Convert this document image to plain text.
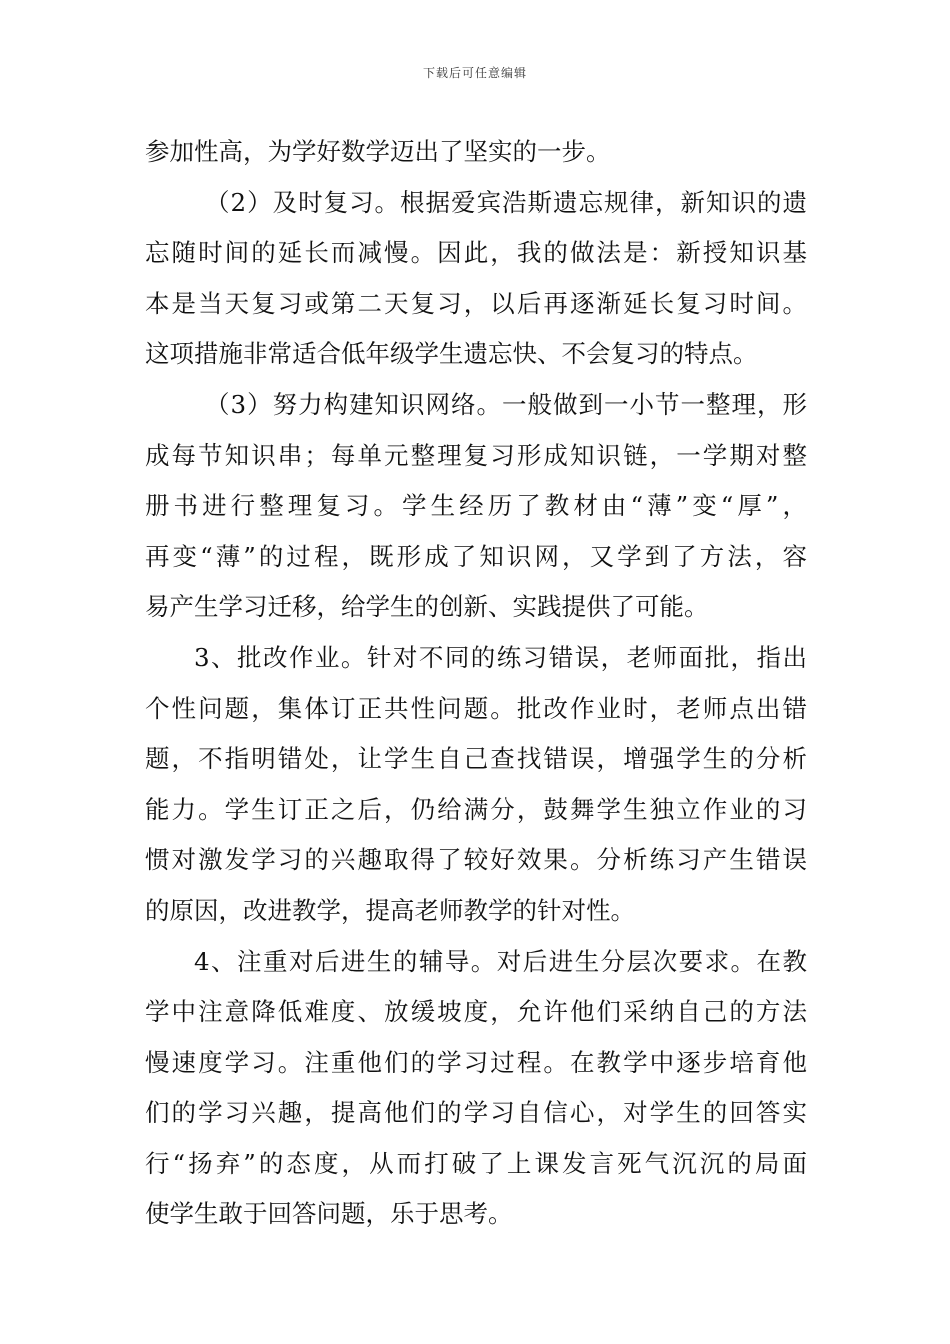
下载后可任意编辑
参加性高，为学好数学迈出了坚实的一步。
（2）及时复习。根据爱宾浩斯遗忘规律，新知识的遗
忘随时间的延长而减慢。因此，我的做法是：新授知识基
本是当天复习或第二天复习，以后再逐渐延长复习时间。
这项措施非常适合低年级学生遗忘快、不会复习的特点。
（3）努力构建知识网络。一般做到一小节一整理，形
成每节知识串；每单元整理复习形成知识链，一学期对整
册书进行整理复习。学生经历了教材由“薄”变“厚”，
再变“薄”的过程，既形成了知识网，又学到了方法，容
易产生学习迁移，给学生的创新、实践提供了可能。
3、批改作业。针对不同的练习错误，老师面批，指出
个性问题，集体订正共性问题。批改作业时，老师点出错
题，不指明错处，让学生自己查找错误，增强学生的分析
能力。学生订正之后，仍给满分，鼓舞学生独立作业的习
惯对激发学习的兴趣取得了较好效果。分析练习产生错误
的原因，改进教学，提高老师教学的针对性。
4、注重对后进生的辅导。对后进生分层次要求。在教
学中注意降低难度、放缓坡度，允许他们采纳自己的方法
慢速度学习。注重他们的学习过程。在教学中逐步培育他
们的学习兴趣，提高他们的学习自信心，对学生的回答实
行“扬弃”的态度，从而打破了上课发言死气沉沉的局面
使学生敢于回答问题，乐于思考。
